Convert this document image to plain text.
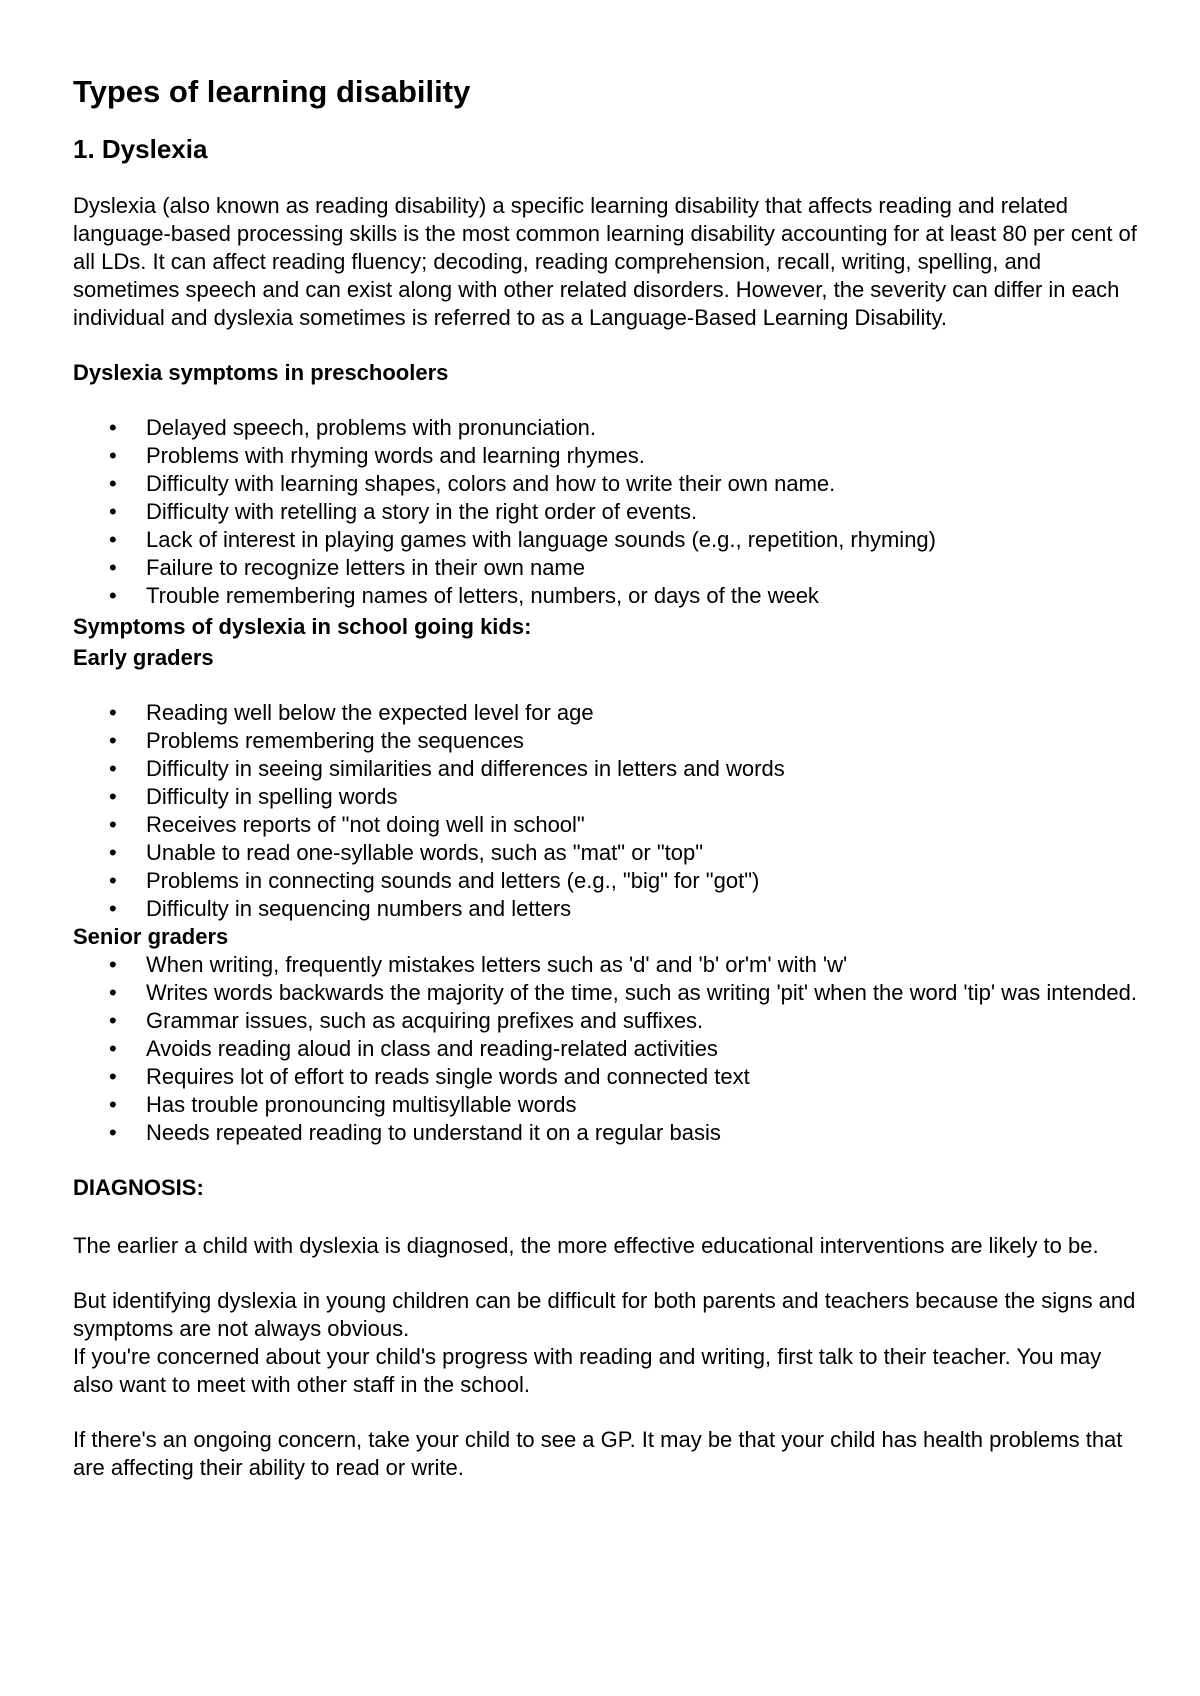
Types of learning disability
1. Dyslexia

Dyslexia (also known as reading disability) a specific learning disability that affects reading and related language-based processing skills is the most common learning disability accounting for at least 80 per cent of all LDs. It can affect reading fluency; decoding, reading comprehension, recall, writing, spelling, and sometimes speech and can exist along with other related disorders. However, the severity can differ in each individual and dyslexia sometimes is referred to as a Language-Based Learning Disability.

Dyslexia symptoms in preschoolers
• Delayed speech, problems with pronunciation.
• Problems with rhyming words and learning rhymes.
• Difficulty with learning shapes, colors and how to write their own name.
• Difficulty with retelling a story in the right order of events.
• Lack of interest in playing games with language sounds (e.g., repetition, rhyming)
• Failure to recognize letters in their own name
• Trouble remembering names of letters, numbers, or days of the week
Symptoms of dyslexia in school going kids:
Early graders
• Reading well below the expected level for age
• Problems remembering the sequences
• Difficulty in seeing similarities and differences in letters and words
• Difficulty in spelling words
• Receives reports of "not doing well in school"
• Unable to read one-syllable words, such as "mat" or "top"
• Problems in connecting sounds and letters (e.g., "big" for "got")
• Difficulty in sequencing numbers and letters
Senior graders
• When writing, frequently mistakes letters such as 'd' and 'b' or'm' with 'w'
• Writes words backwards the majority of the time, such as writing 'pit' when the word 'tip' was intended.
• Grammar issues, such as acquiring prefixes and suffixes.
• Avoids reading aloud in class and reading-related activities
• Requires lot of effort to reads single words and connected text
• Has trouble pronouncing multisyllable words
• Needs repeated reading to understand it on a regular basis
DIAGNOSIS:

The earlier a child with dyslexia is diagnosed, the more effective educational interventions are likely to be.

But identifying dyslexia in young children can be difficult for both parents and teachers because the signs and symptoms are not always obvious.

If you're concerned about your child's progress with reading and writing, first talk to their teacher. You may also want to meet with other staff in the school.

If there's an ongoing concern, take your child to see a GP. It may be that your child has health problems that are affecting their ability to read or write.
